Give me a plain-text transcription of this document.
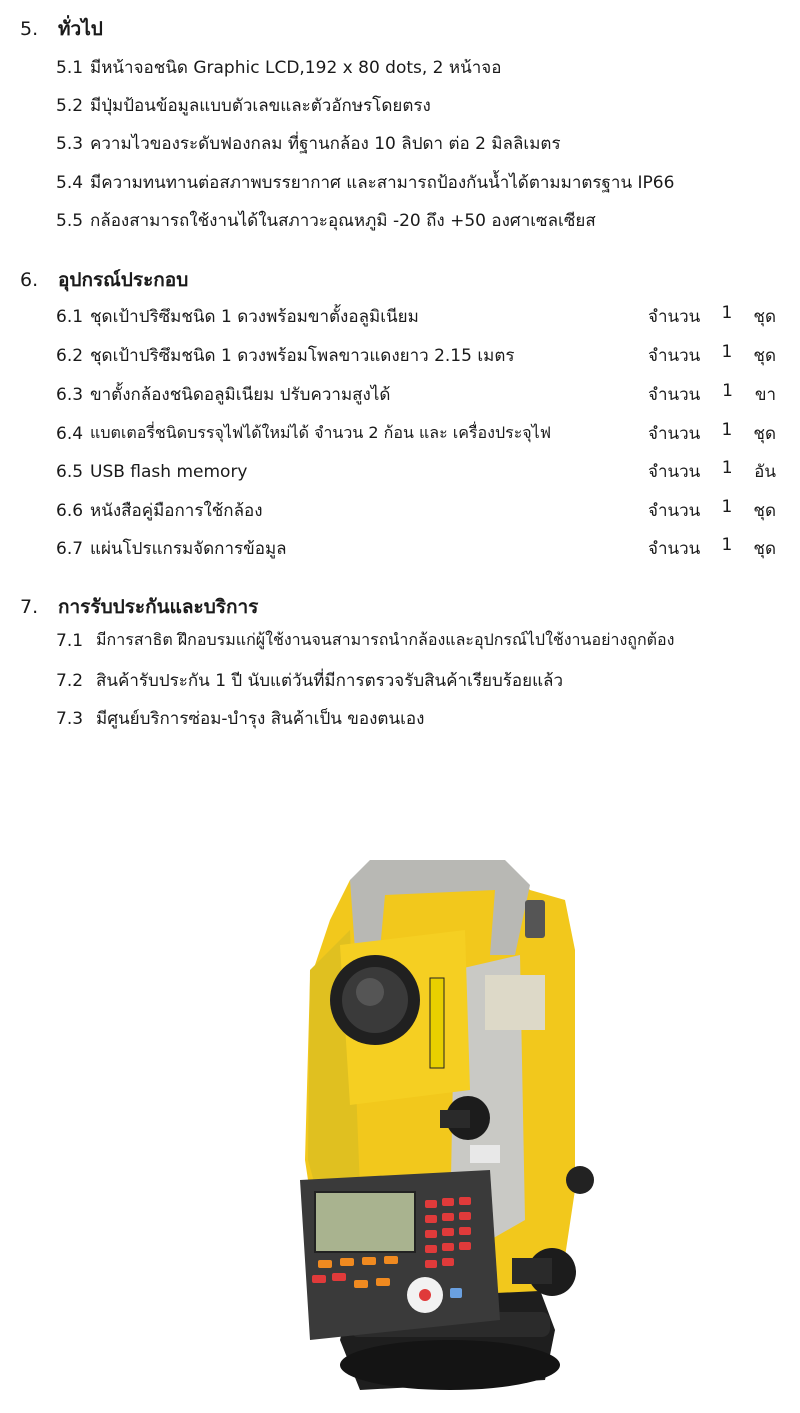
5. ทั่วไป
5.1 มีหน้าจอชนิด Graphic LCD,192 x 80 dots, 2 หน้าจอ
5.2 มีปุ่มป้อนข้อมูลแบบตัวเลขและตัวอักษรโดยตรง
5.3 ความไวของระดับฟองกลม ที่ฐานกล้อง 10 ลิปดา ต่อ 2 มิลลิเมตร
5.4 มีความทนทานต่อสภาพบรรยากาศ และสามารถป้องกันน้ำได้ตามมาตรฐาน IP66
5.5 กล้องสามารถใช้งานได้ในสภาวะอุณหภูมิ -20 ถึง +50 องศาเซลเซียส
6. อุปกรณ์ประกอบ
6.1 ชุดเป้าปริซึมชนิด 1 ดวงพร้อมขาตั้งอลูมิเนียม	จำนวน 1 ชุด
6.2 ชุดเป้าปริซึมชนิด 1 ดวงพร้อมโพลขาวแดงยาว 2.15 เมตร	จำนวน 1 ชุด
6.3 ขาตั้งกล้องชนิดอลูมิเนียม ปรับความสูงได้	จำนวน 1 ขา
6.4 แบตเตอรี่ชนิดบรรจุไฟได้ใหม่ได้ จำนวน 2 ก้อน และ เครื่องประจุไฟ	จำนวน 1 ชุด
6.5 USB flash memory	จำนวน 1 อัน
6.6 หนังสือคู่มือการใช้กล้อง	จำนวน 1 ชุด
6.7 แผ่นโปรแกรมจัดการข้อมูล	จำนวน 1 ชุด
7. การรับประกันและบริการ
7.1 มีการสาธิต ฝึกอบรมแก่ผู้ใช้งานจนสามารถนำกล้องและอุปกรณ์ไปใช้งานอย่างถูกต้อง
7.2 สินค้ารับประกัน 1 ปี นับแต่วันที่มีการตรวจรับสินค้าเรียบร้อยแล้ว
7.3 มีศูนย์บริการซ่อม-บำรุง สินค้าเป็น ของตนเอง
